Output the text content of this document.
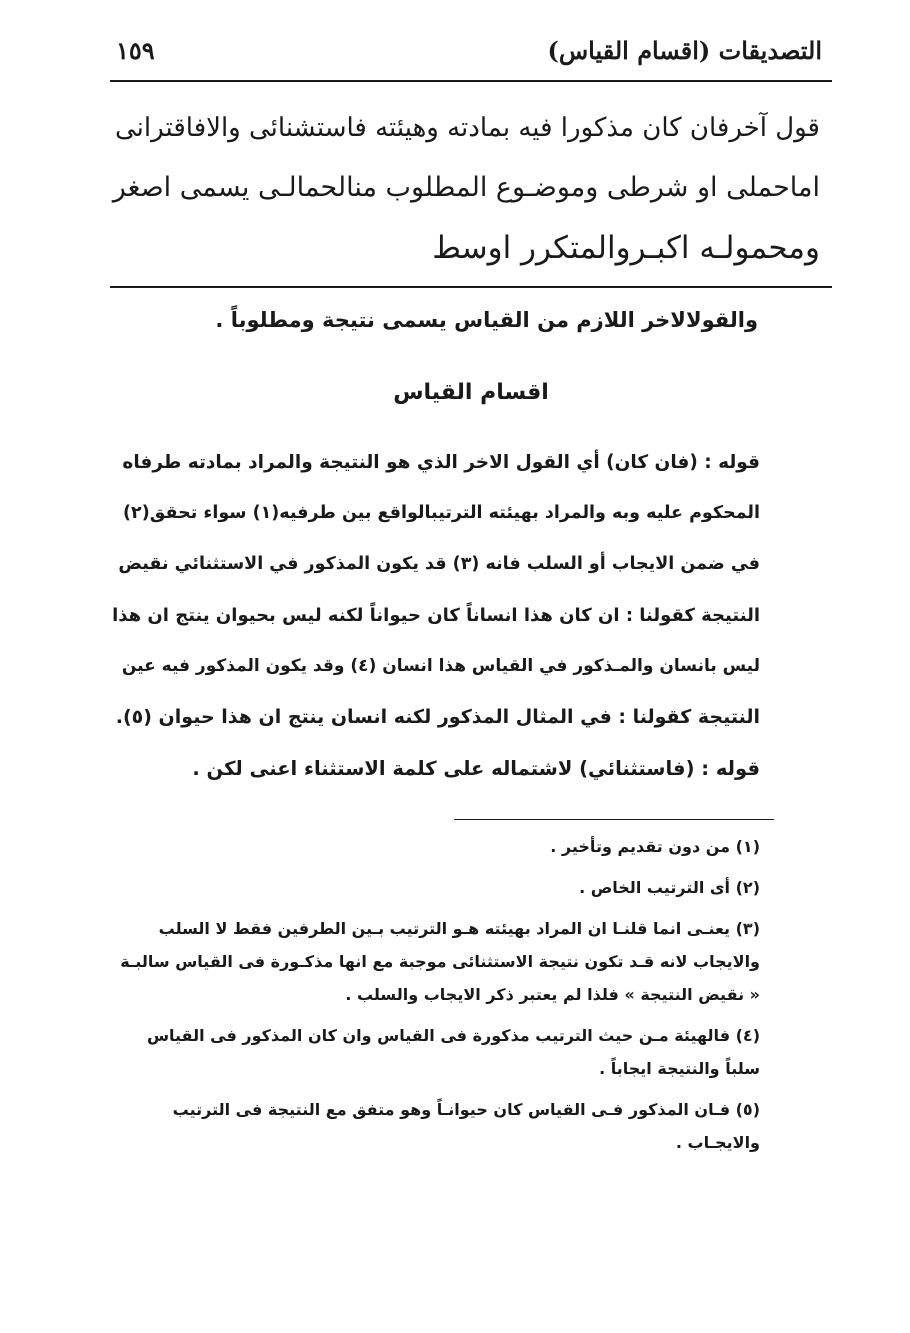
التصديقات (اقسام القياس)
١٥٩
قول آخرفان كان مذكورا فيه بمادته وهيئته فاستشنائى والافاقترانى
اماحملى او شرطى وموضـوع المطلوب منالحمالـى يسمى اصغر
ومحمولـه اكبـروالمتكرر اوسط
والقولالاخر اللازم من القياس يسمى نتيجة ومطلوباً .
اقسام القياس
قوله : (فان كان) أي القول الاخر الذي هو النتيجة والمراد بمادته طرفاه
المحكوم عليه وبه والمراد بهيئته الترتيبالواقع بين طرفيه(١) سواء تحقق(٢)
في ضمن الايجاب أو السلب فانه (٣) قد يكون المذكور في الاستثنائي نقيض
النتيجة كقولنا : ان كان هذا انساناً كان حيواناً لكنه ليس بحيوان ينتج ان هذا
ليس بانسان والمـذكور في القياس هذا انسان (٤) وقد يكون المذكور فيه عين
النتيجة كقولنا : في المثال المذكور لكنه انسان ينتج ان هذا حيوان (٥).
قوله : (فاستثنائي) لاشتماله على كلمة الاستثناء اعنى لكن .
(١) من دون تقديم وتأخير .
(٢) أى الترتيب الخاص .
(٣) يعنـى انما قلنـا ان المراد بهيئته هـو الترتيب بـين الطرفين فقط لا السلب
والايجاب لانه قـد تكون نتيجة الاستثنائى موجبة مع انها مذكـورة فى القياس سالبـة
« نقيض النتيجة » فلذا لم يعتبر ذكر الايجاب والسلب .
(٤) فالهيئة مـن حيث الترتيب مذكورة فى القياس وان كان المذكور فى القياس
سلباً والنتيجة ايجاباً .
(٥) فـان المذكور فـى القياس كان حيوانـاً وهو متفق مع النتيجة فى الترتيب
والايجـاب .
